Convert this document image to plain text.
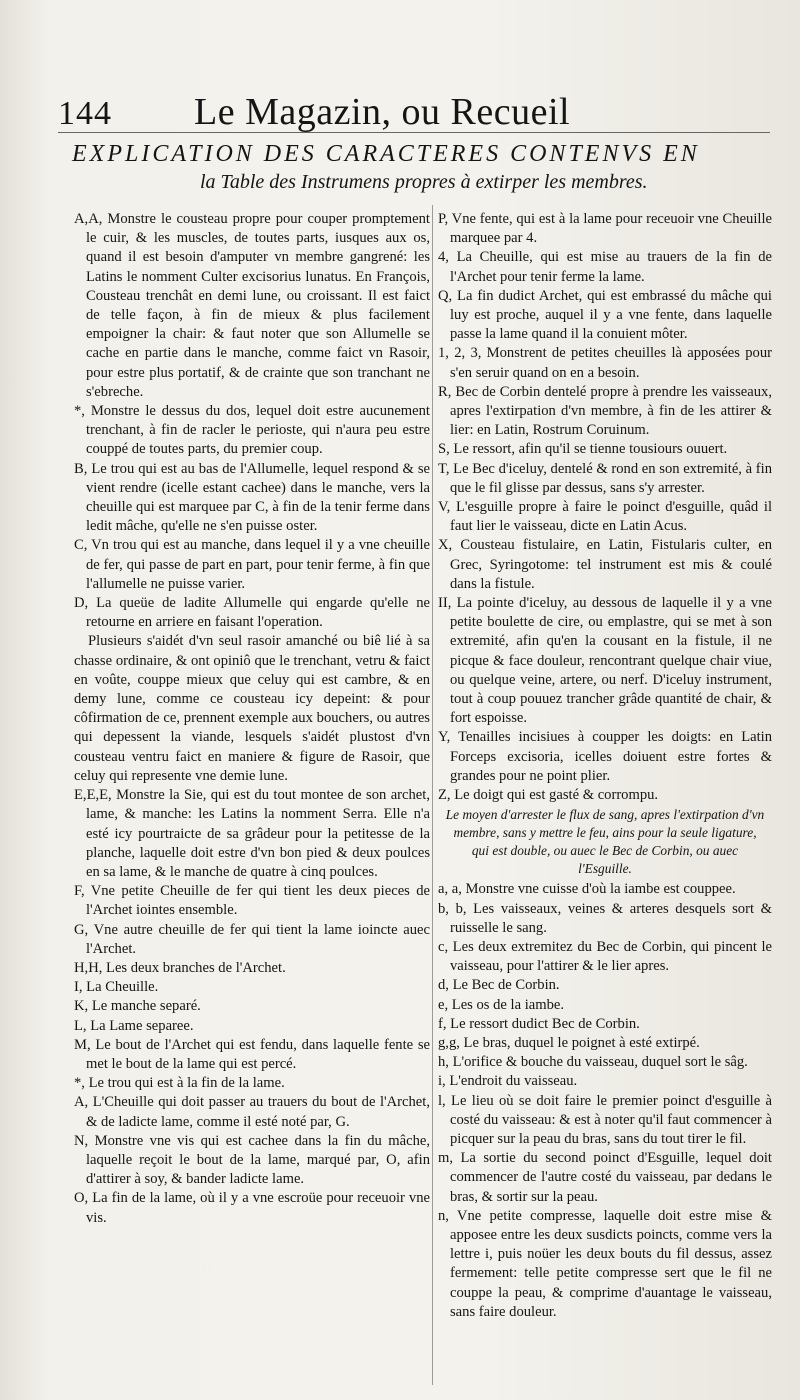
144	Le Magazin, ou Recueil
EXPLICATION DES CARACTERES CONTENVS EN
la Table des Instrumens propres à extirper les membres.

A,A, Monstre le cousteau propre pour couper promptement le cuir, & les muscles, de toutes parts, iusques aux os, quand il est besoin d'amputer vn membre gangrené: les Latins le nomment Culter excisorius lunatus. En François, Cousteau trenchât en demi lune, ou croissant. Il est faict de telle façon, à fin de mieux & plus facilement empoigner la chair: & faut noter que son Allumelle se cache en partie dans le manche, comme faict vn Rasoir, pour estre plus portatif, & de crainte que son tranchant ne s'ebreche.

*, Monstre le dessus du dos, lequel doit estre aucunement trenchant, à fin de racler le perioste, qui n'aura peu estre couppé de toutes parts, du premier coup.

B, Le trou qui est au bas de l'Allumelle, lequel respond & se vient rendre (icelle estant cachee) dans le manche, vers la cheuille qui est marquee par C, à fin de la tenir ferme dans ledit mâche, qu'elle ne s'en puisse oster.

C, Vn trou qui est au manche, dans lequel il y a vne cheuille de fer, qui passe de part en part, pour tenir ferme, à fin que l'allumelle ne puisse varier.

D, La queüe de ladite Allumelle qui engarde qu'elle ne retourne en arriere en faisant l'operation.

Plusieurs s'aidét d'vn seul rasoir amanché ou biê lié à sa chasse ordinaire, & ont opiniô que le trenchant, vetru & faict en voûte, couppe mieux que celuy qui est cambre, & en demy lune, comme ce cousteau icy depeint: & pour côfirmation de ce, prennent exemple aux bouchers, ou autres qui depessent la viande, lesquels s'aidét plustost d'vn cousteau ventru faict en maniere & figure de Rasoir, que celuy qui represente vne demie lune.

E,E,E, Monstre la Sie, qui est du tout montee de son archet, lame, & manche: les Latins la nomment Serra. Elle n'a esté icy pourtraicte de sa grâdeur pour la petitesse de la planche, laquelle doit estre d'vn bon pied & deux poulces en sa lame, & le manche de quatre à cinq poulces.

F, Vne petite Cheuille de fer qui tient les deux pieces de l'Archet iointes ensemble.

G, Vne autre cheuille de fer qui tient la lame ioincte auec l'Archet.

H,H, Les deux branches de l'Archet.

I, La Cheuille.

K, Le manche separé.

L, La Lame separee.

M, Le bout de l'Archet qui est fendu, dans laquelle fente se met le bout de la lame qui est percé.

*, Le trou qui est à la fin de la lame.

A, L'Cheuille qui doit passer au trauers du bout de l'Archet, & de ladicte lame, comme il esté noté par, G.

N, Monstre vne vis qui est cachee dans la fin du mâche, laquelle reçoit le bout de la lame, marqué par, O, afin d'attirer à soy, & bander ladicte lame.

O, La fin de la lame, où il y a vne escroüe pour receuoir vne vis.

P, Vne fente, qui est à la lame pour receuoir vne Cheuille marquee par 4.

4, La Cheuille, qui est mise au trauers de la fin de l'Archet pour tenir ferme la lame.

Q, La fin dudict Archet, qui est embrassé du mâche qui luy est proche, auquel il y a vne fente, dans laquelle passe la lame quand il la conuient môter.

1, 2, 3, Monstrent de petites cheuilles là apposées pour s'en seruir quand on en a besoin.

R, Bec de Corbin dentelé propre à prendre les vaisseaux, apres l'extirpation d'vn membre, à fin de les attirer & lier: en Latin, Rostrum Coruinum.

S, Le ressort, afin qu'il se tienne tousiours ouuert.

T, Le Bec d'iceluy, dentelé & rond en son extremité, à fin que le fil glisse par dessus, sans s'y arrester.

V, L'esguille propre à faire le poinct d'esguille, quâd il faut lier le vaisseau, dicte en Latin Acus.

X, Cousteau fistulaire, en Latin, Fistularis culter, en Grec, Syringotome: tel instrument est mis & coulé dans la fistule.

II, La pointe d'iceluy, au dessous de laquelle il y a vne petite boulette de cire, ou emplastre, qui se met à son extremité, afin qu'en la cousant en la fistule, il ne picque & face douleur, rencontrant quelque chair viue, ou quelque veine, artere, ou nerf. D'iceluy instrument, tout à coup pouuez trancher grâde quantité de chair, & fort espoisse.

Y, Tenailles incisiues à coupper les doigts: en Latin Forceps excisoria, icelles doiuent estre fortes & grandes pour ne point plier.

Z, Le doigt qui est gasté & corrompu.

Le moyen d'arrester le flux de sang, apres l'extirpation d'vn membre, sans y mettre le feu, ains pour la seule ligature, qui est double, ou auec le Bec de Corbin, ou auec l'Esguille.

a, a, Monstre vne cuisse d'où la iambe est couppee.

b, b, Les vaisseaux, veines & arteres desquels sort & ruisselle le sang.

c, Les deux extremitez du Bec de Corbin, qui pincent le vaisseau, pour l'attirer & le lier apres.

d, Le Bec de Corbin.

e, Les os de la iambe.

f, Le ressort dudict Bec de Corbin.

g,g, Le bras, duquel le poignet à esté extirpé.

h, L'orifice & bouche du vaisseau, duquel sort le sâg.

i, L'endroit du vaisseau.

l, Le lieu où se doit faire le premier poinct d'esguille à costé du vaisseau: & est à noter qu'il faut commencer à picquer sur la peau du bras, sans du tout tirer le fil.

m, La sortie du second poinct d'Esguille, lequel doit commencer de l'autre costé du vaisseau, par dedans le bras, & sortir sur la peau.

n, Vne petite compresse, laquelle doit estre mise & apposee entre les deux susdicts poincts, comme vers la lettre i, puis noüer les deux bouts du fil dessus, assez fermement: telle petite compresse sert que le fil ne couppe la peau, & comprime d'auantage le vaisseau, sans faire douleur.
